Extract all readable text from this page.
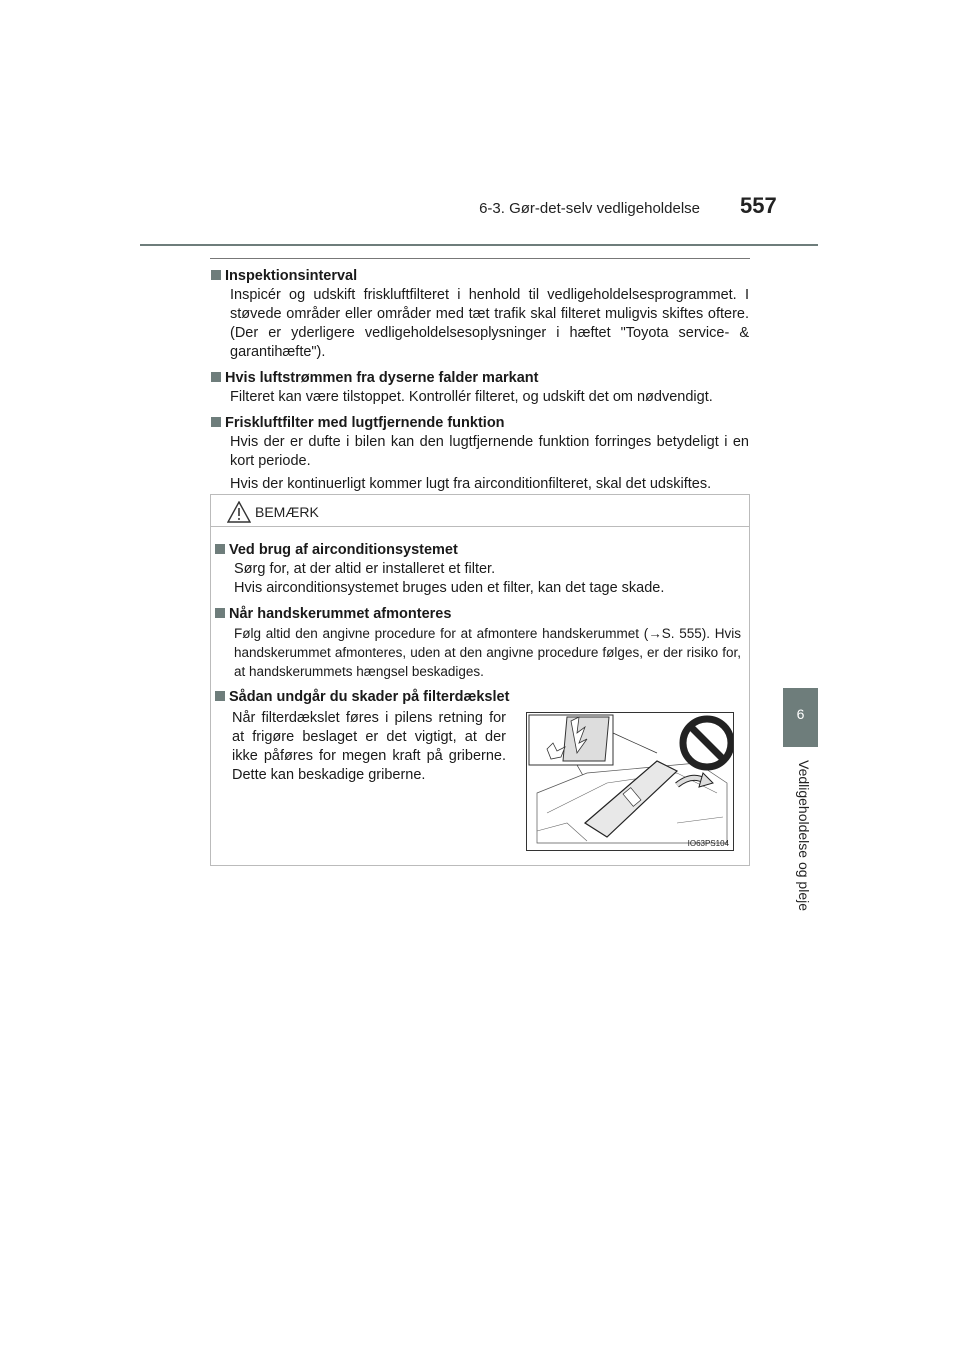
6-3. Gør-det-selv vedligeholdelse 557
6
Vedligeholdelse og pleje

Inspektionsinterval

Inspicér og udskift friskluftfilteret i henhold til vedligeholdelsesprogrammet. I støvede områder eller områder med tæt trafik skal filteret muligvis skiftes oftere. (Der er yderligere vedligeholdelsesoplysninger i hæftet "Toyota service- & garantihæfte").

Hvis luftstrømmen fra dyserne falder markant

Filteret kan være tilstoppet. Kontrollér filteret, og udskift det om nødvendigt.

Friskluftfilter med lugtfjernende funktion

Hvis der er dufte i bilen kan den lugtfjernende funktion forringes betydeligt i en kort periode.

Hvis der kontinuerligt kommer lugt fra airconditionfilteret, skal det udskiftes.

BEMÆRK

Ved brug af airconditionsystemet

Sørg for, at der altid er installeret et filter.
Hvis airconditionsystemet bruges uden et filter, kan det tage skade.

Når handskerummet afmonteres

Følg altid den angivne procedure for at afmontere handskerummet (→S. 555). Hvis handskerummet afmonteres, uden at den angivne procedure følges, er der risiko for, at handskerummets hængsel beskadiges.

Sådan undgår du skader på filterdækslet

Når filterdækslet føres i pilens retning for at frigøre beslaget er det vigtigt, at der ikke påføres for megen kraft på griberne. Dette kan beskadige griberne.
IO63PS104
